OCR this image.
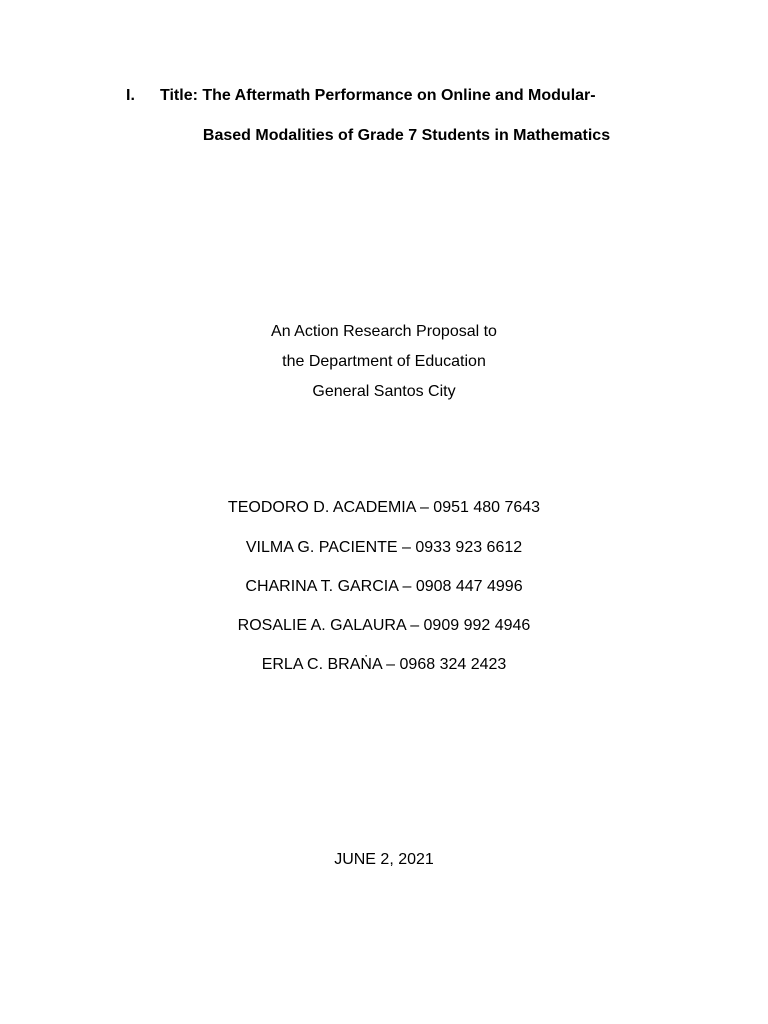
I. Title: The Aftermath Performance on Online and Modular-
Based Modalities of Grade 7 Students in Mathematics
An Action Research Proposal to
the Department of Education
General Santos City
TEODORO D. ACADEMIA – 0951 480 7643
VILMA G. PACIENTE – 0933 923 6612
CHARINA T. GARCIA – 0908 447 4996
ROSALIE A. GALAURA – 0909 992 4946
ERLA C. BRAṄA – 0968 324 2423
JUNE 2, 2021
